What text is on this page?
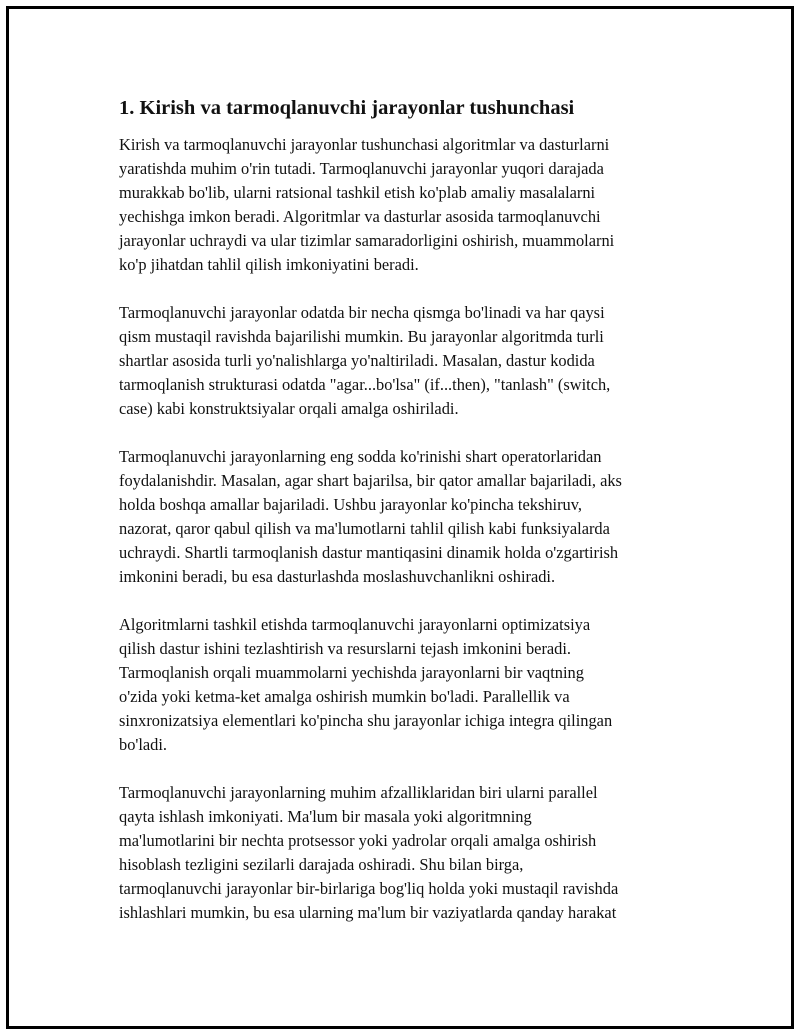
1. Kirish va tarmoqlanuvchi jarayonlar tushunchasi

Kirish va tarmoqlanuvchi jarayonlar tushunchasi algoritmlar va dasturlarni
yaratishda muhim o'rin tutadi. Tarmoqlanuvchi jarayonlar yuqori darajada
murakkab bo'lib, ularni ratsional tashkil etish ko'plab amaliy masalalarni
yechishga imkon beradi. Algoritmlar va dasturlar asosida tarmoqlanuvchi
jarayonlar uchraydi va ular tizimlar samaradorligini oshirish, muammolarni
ko'p jihatdan tahlil qilish imkoniyatini beradi.

Tarmoqlanuvchi jarayonlar odatda bir necha qismga bo'linadi va har qaysi
qism mustaqil ravishda bajarilishi mumkin. Bu jarayonlar algoritmda turli
shartlar asosida turli yo'nalishlarga yo'naltiriladi. Masalan, dastur kodida
tarmoqlanish strukturasi odatda "agar...bo'lsa" (if...then), "tanlash" (switch,
case) kabi konstruktsiyalar orqali amalga oshiriladi.

Tarmoqlanuvchi jarayonlarning eng sodda ko'rinishi shart operatorlaridan
foydalanishdir. Masalan, agar shart bajarilsa, bir qator amallar bajariladi, aks
holda boshqa amallar bajariladi. Ushbu jarayonlar ko'pincha tekshiruv,
nazorat, qaror qabul qilish va ma'lumotlarni tahlil qilish kabi funksiyalarda
uchraydi. Shartli tarmoqlanish dastur mantiqasini dinamik holda o'zgartirish
imkonini beradi, bu esa dasturlashda moslashuvchanlikni oshiradi.

Algoritmlarni tashkil etishda tarmoqlanuvchi jarayonlarni optimizatsiya
qilish dastur ishini tezlashtirish va resurslarni tejash imkonini beradi.
Tarmoqlanish orqali muammolarni yechishda jarayonlarni bir vaqtning
o'zida yoki ketma-ket amalga oshirish mumkin bo'ladi. Parallellik va
sinxronizatsiya elementlari ko'pincha shu jarayonlar ichiga integra qilingan
bo'ladi.

Tarmoqlanuvchi jarayonlarning muhim afzalliklaridan biri ularni parallel
qayta ishlash imkoniyati. Ma'lum bir masala yoki algoritmning
ma'lumotlarini bir nechta protsessor yoki yadrolar orqali amalga oshirish
hisoblash tezligini sezilarli darajada oshiradi. Shu bilan birga,
tarmoqlanuvchi jarayonlar bir-birlariga bog'liq holda yoki mustaqil ravishda
ishlashlari mumkin, bu esa ularning ma'lum bir vaziyatlarda qanday harakat
